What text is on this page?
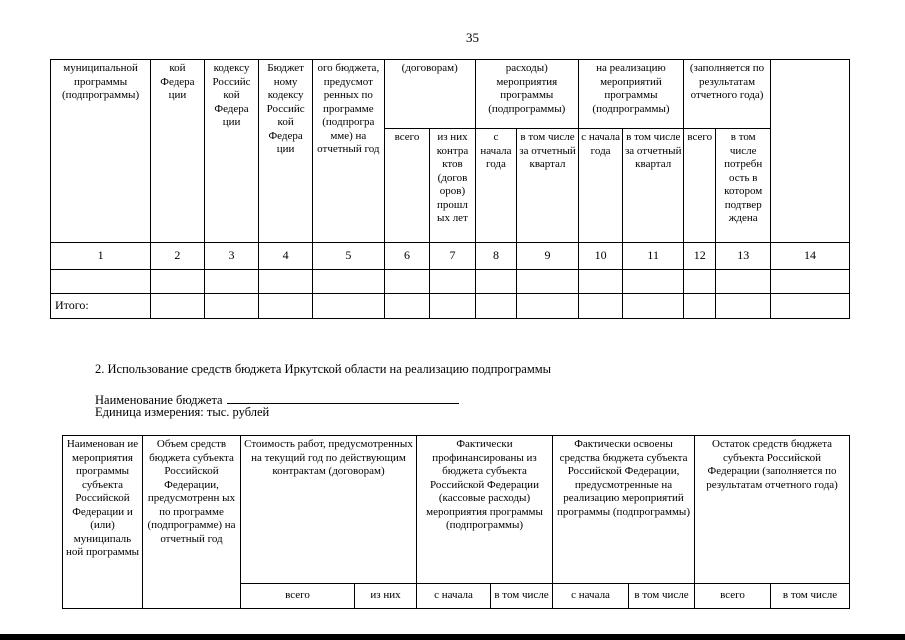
35
муниципальной программы (подпрограммы)	кой Федера ции	кодексу Российс кой Федера ции	Бюджет ному кодексу Российс кой Федера ции	ого бюджета, предусмот ренных по программе (подпрогра мме) на отчетный год	(договорам)		расходы) мероприятия программы (подпрограммы)		на реализацию мероприятий программы (подпрограммы)		(заполняется по результатам отчетного года)		
					всего	из них контра ктов (догов оров) прошл ых лет	с начала года	в том числе за отчетный квартал	с начала года	в том числе за отчетный квартал	всего	в том числе потребн ость в котором подтвер ждена	
1	2	3	4	5	6	7	8	9	10	11	12	13	14

Итого:													
2. Использование средств бюджета Иркутской области на реализацию подпрограммы
Наименование бюджета
Единица измерения: тыс. рублей
Наименован ие мероприятия программы субъекта Российской Федерации и (или) муниципаль ной программы	Объем средств бюджета субъекта Российской Федерации, предусмотренн ых по программе (подпрограмме) на отчетный год	Стоимость работ, предусмотренных на текущий год по действующим контрактам (договорам)		Фактически профинансированы из бюджета субъекта Российской Федерации (кассовые расходы) мероприятия программы (подпрограммы)		Фактически освоены средства бюджета субъекта Российской Федерации, предусмотренные на реализацию мероприятий программы (подпрограммы)		Остаток средств бюджета субъекта Российской Федерации (заполняется по результатам отчетного года)	
		всего	из них	с начала	в том числе	с начала	в том числе	всего	в том числе	
